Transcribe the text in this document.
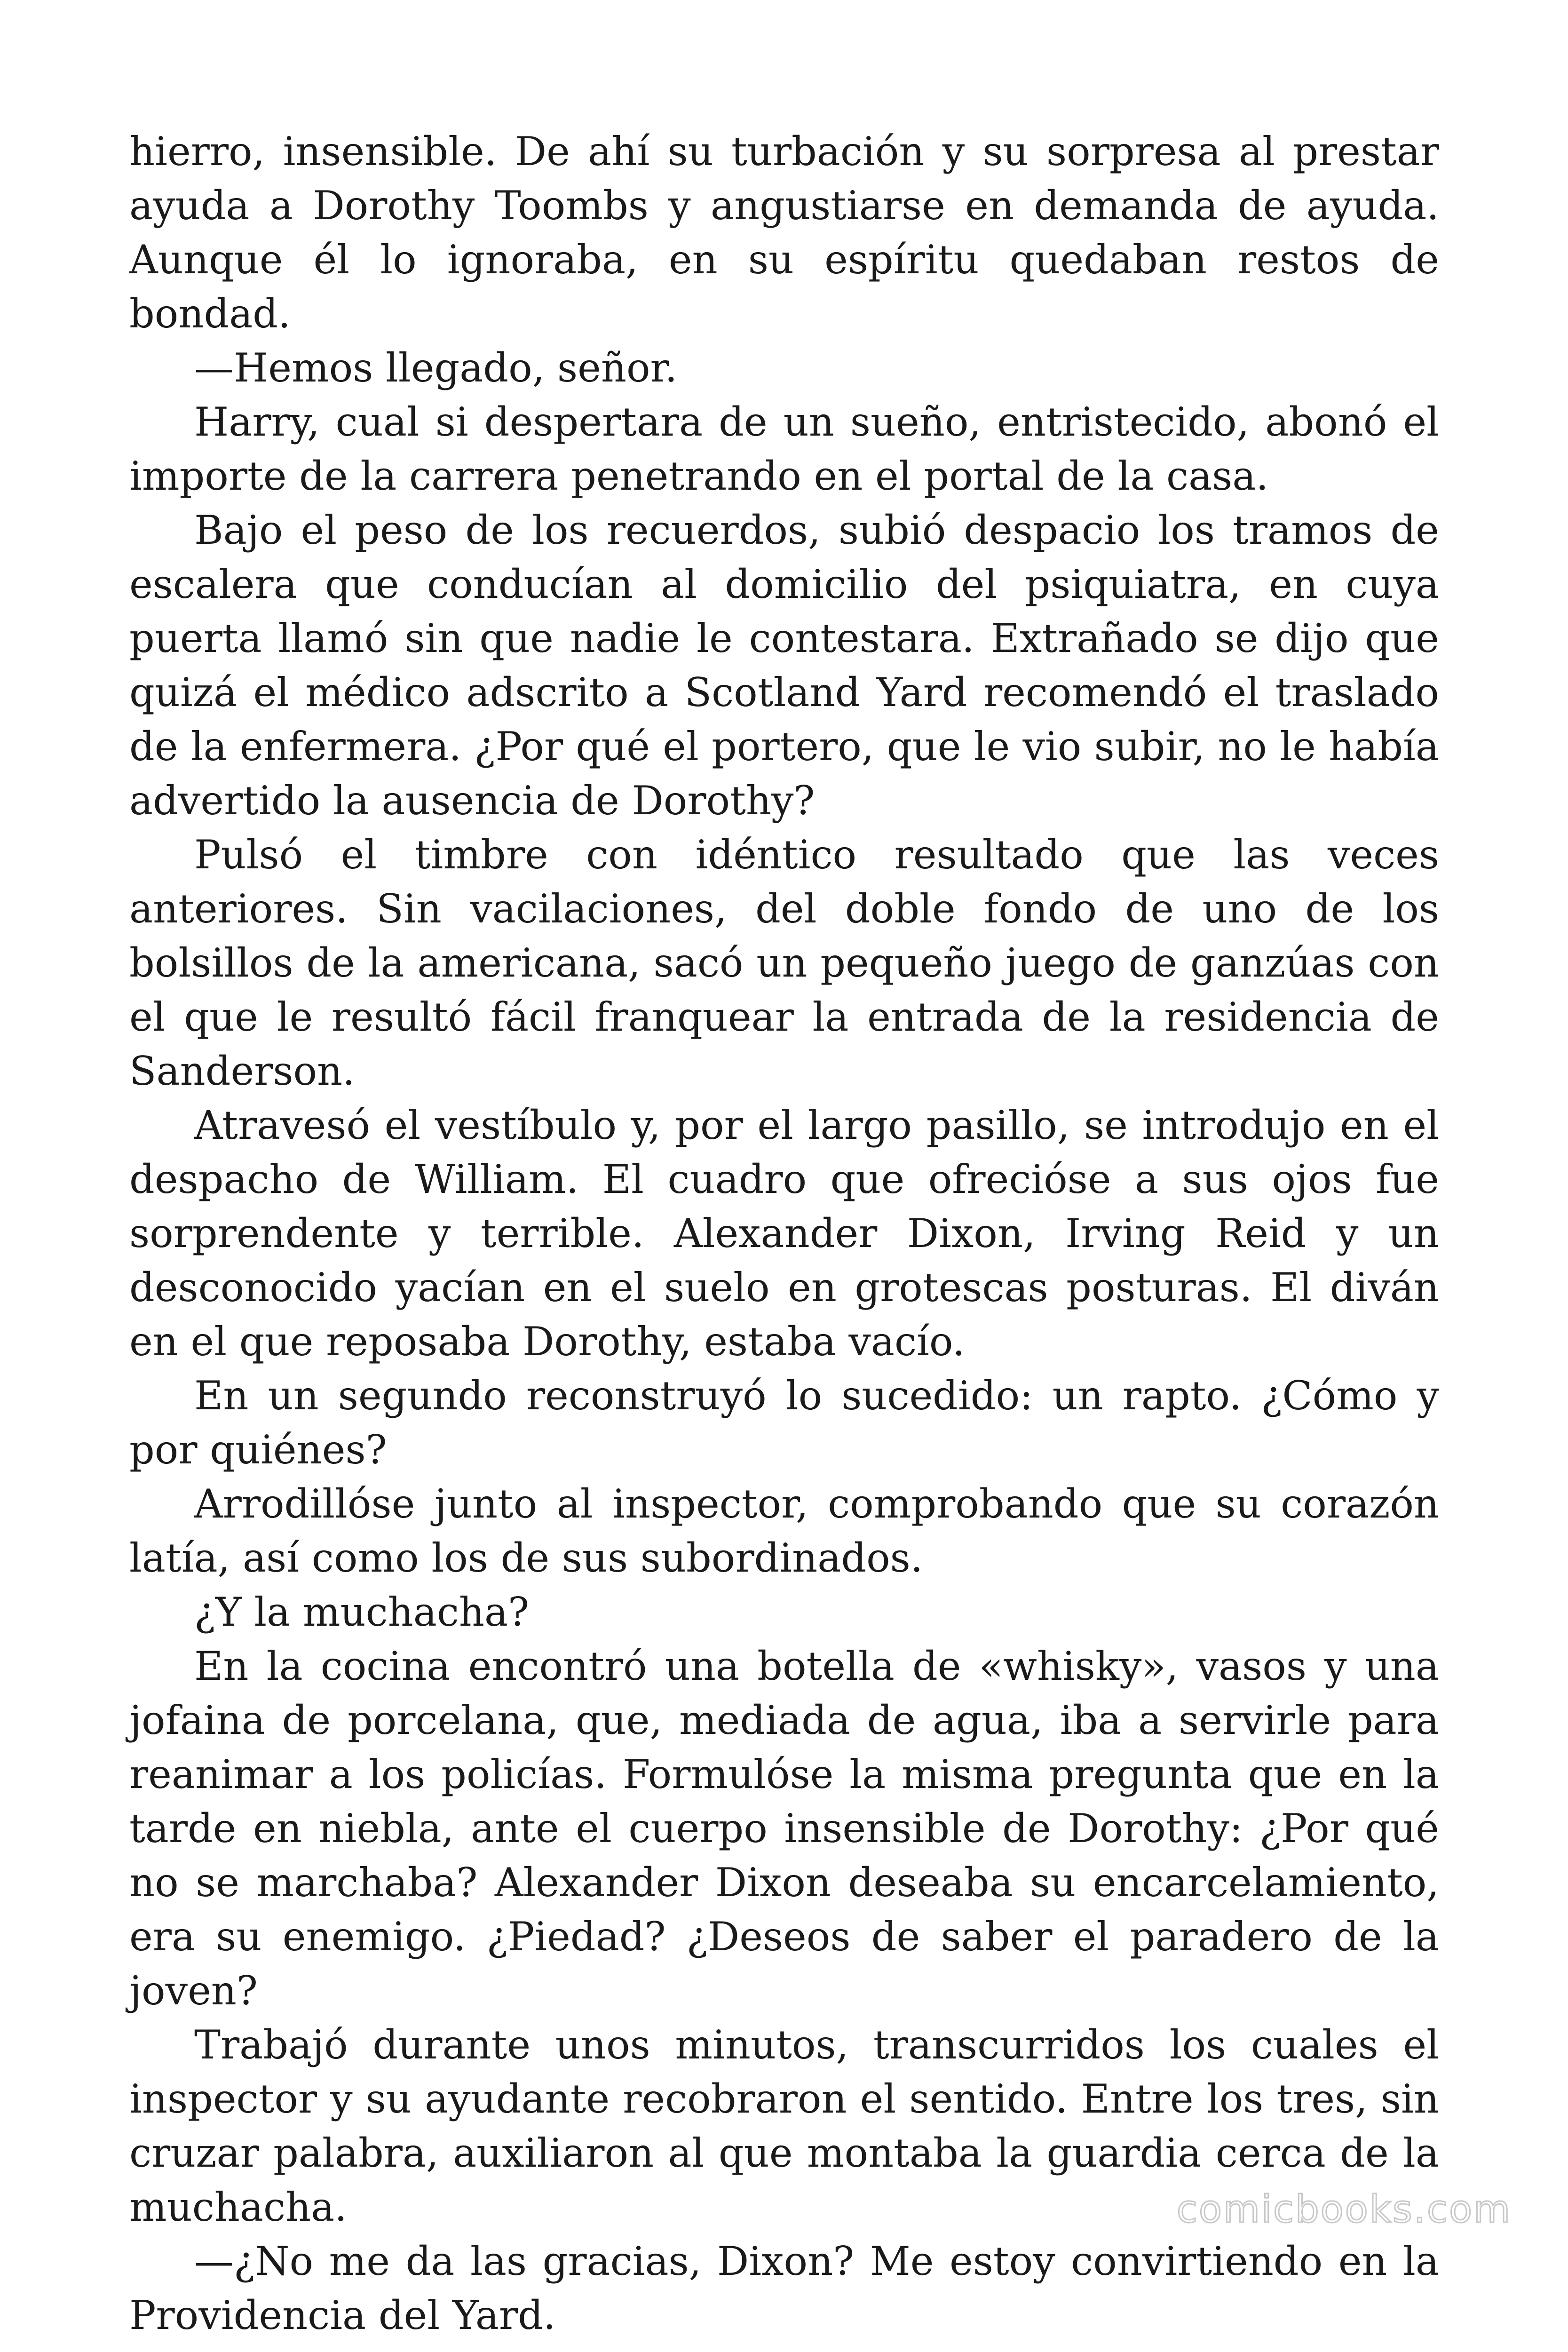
hierro, insensible. De ahí su turbación y su sorpresa al prestar ayuda a Dorothy Toombs y angustiarse en demanda de ayuda. Aunque él lo ignoraba, en su espíritu quedaban restos de bondad.

—Hemos llegado, señor.

Harry, cual si despertara de un sueño, entristecido, abonó el importe de la carrera penetrando en el portal de la casa.

Bajo el peso de los recuerdos, subió despacio los tramos de escalera que conducían al domicilio del psiquiatra, en cuya puerta llamó sin que nadie le contestara. Extrañado se dijo que quizá el médico adscrito a Scotland Yard recomendó el traslado de la enfermera. ¿Por qué el portero, que le vio subir, no le había advertido la ausencia de Dorothy?

Pulsó el timbre con idéntico resultado que las veces anteriores. Sin vacilaciones, del doble fondo de uno de los bolsillos de la americana, sacó un pequeño juego de ganzúas con el que le resultó fácil franquear la entrada de la residencia de Sanderson.

Atravesó el vestíbulo y, por el largo pasillo, se introdujo en el despacho de William. El cuadro que ofrecióse a sus ojos fue sorprendente y terrible. Alexander Dixon, Irving Reid y un desconocido yacían en el suelo en grotescas posturas. El diván en el que reposaba Dorothy, estaba vacío.

En un segundo reconstruyó lo sucedido: un rapto. ¿Cómo y por quiénes?

Arrodillóse junto al inspector, comprobando que su corazón latía, así como los de sus subordinados.

¿Y la muchacha?

En la cocina encontró una botella de «whisky», vasos y una jofaina de porcelana, que, mediada de agua, iba a servirle para reanimar a los policías. Formulóse la misma pregunta que en la tarde en niebla, ante el cuerpo insensible de Dorothy: ¿Por qué no se marchaba? Alexander Dixon deseaba su encarcelamiento, era su enemigo. ¿Piedad? ¿Deseos de saber el paradero de la joven?

Trabajó durante unos minutos, transcurridos los cuales el inspector y su ayudante recobraron el sentido. Entre los tres, sin cruzar palabra, auxiliaron al que montaba la guardia cerca de la muchacha.

—¿No me da las gracias, Dixon? Me estoy convirtiendo en la Providencia del Yard.

comicbooks.com
